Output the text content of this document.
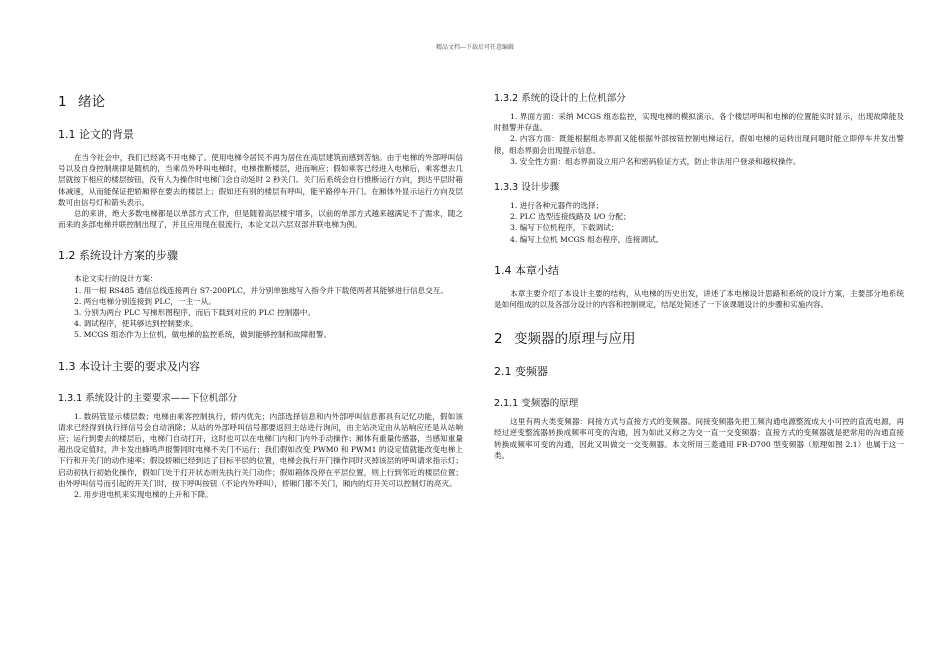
精品文档---下载后可任意编辑
1 绪论
1.1 论文的背景

在当今社会中，我们已经离不开电梯了。使用电梯令居民不再为居住在高层建筑而感到苦恼。由于电梯的外部呼叫信号以及自身控制规律是随机的，当乘员外呼叫电梯时，电梯推断楼层，进而响应；假如乘客已经进入电梯后，乘客想去几层就按下相应的楼层按钮，没有人为操作时电梯门会自动延时 2 秒关门。关门后系统会自行推断运行方向，到达平层时箱体减速，从而能保证把轿厢停在要去的楼层上；假如还有别的楼层有呼叫，能平路停车开门。在厢体外显示运行方向及层数可由信号灯和箭头表示。

总的来讲，绝大多数电梯都是以单部方式工作，但是随着高层楼宇增多，以前的单部方式越来越满足不了需求，随之而来的多部电梯并联控制出现了，并且应用现在很流行，本论文以六层双部并联电梯为例。

1.2 系统设计方案的步骤

本论文实行的设计方案：

1. 用一根 RS485 通信总线连接两台 S7-200PLC，并分别单独地写入指令并下载使两者其能够进行信息交互。

2. 两台电梯分别连接到 PLC，一主一从。

3. 分别为两台 PLC 写梯形图程序，而后下载到对应的 PLC 控制器中。

4. 调试程序，使其够达到控制要求。

5. MCGS 组态作为上位机，做电梯的监控系统，做到能够控制和故障报警。

1.3 本设计主要的要求及内容
1.3.1 系统设计的主要要求——下位机部分

1. 数码管显示楼层数；电梯由乘客控制执行，轿内优先；内部选择信息和内外部呼叫信息都具有记忆功能，假如该请求已经得到执行择信号会自动消除；从站的外部呼叫信号都要返回主站进行询问，由主站决定由从站响应还是从站响应；运行到要去的楼层后，电梯门自动打开，这时也可以在电梯门内和门内外手动操作；厢体有重量传感器，当感知重量超出设定值时，声卡发出蜂鸣声报警同时电梯不关门不运行；我们假如改变 PWM0 和 PWM1 的设定值就能改变电梯上下行和开关门的动作速率；假设轿厢已经到达了目标平层的位置，电梯会执行开门操作同时灭掉该层的呼叫请求指示灯；启动初执行初始化操作，假如门处于打开状态则先执行关门动作；假如箱体没停在平层位置，则上行到邻近的楼层位置；由外呼叫信号而引起的开关门时，按下呼叫按钮（不论内外呼叫），轿厢门都不关门，厢内的灯开关可以控制灯的亮灭。

2. 用步进电机来实现电梯的上升和下降。

1.3.2 系统的设计的上位机部分

1. 界面方面：采纳 MCGS 组态监控，实现电梯的模拟演示。各个楼层呼叫和电梯的位置能实时显示，出现故障能及时报警并存盘。

2. 内容方面：既能根据组态界面又能根据外部按钮控制电梯运行，假如电梯的运转出现问题时能立即停车并发出警报，组态界面会出现提示信息。

3. 安全性方面：组态界面设立用户名和密码验证方式，防止非法用户登录和越权操作。

1.3.3 设计步骤

1. 进行各种元器件的选择；

2. PLC 选型连接线路及 I/O 分配；

3. 编写下位机程序，下载调试；

4. 编写上位机 MCGS 组态程序，连接调试。

1.4 本章小结

本章主要介绍了本设计主要的结构，从电梯的历史出发，讲述了本电梯设计思路和系统的设计方案，主要部分地系统是如何组成的以及各部分设计的内容和控制规定，结尾处简述了一下该课题设计的步骤和实施内容。

2 变频器的原理与应用
2.1 变频器
2.1.1 变频器的原理

这里有两大类变频器：间接方式与直接方式的变频器。间接变频器先把工频沟通电源整流成大小可控的直流电源，再经过逆变整流器转换成频率可变的沟通，因为如此又称之为交一直一交变频器；直接方式的变频器就是把常用的沟通直接转换成频率可变的沟通，因此又叫做交一交变频器。本文所用三菱通用 FR-D700 型变频器（原理如图 2.1）也属于这一类。
